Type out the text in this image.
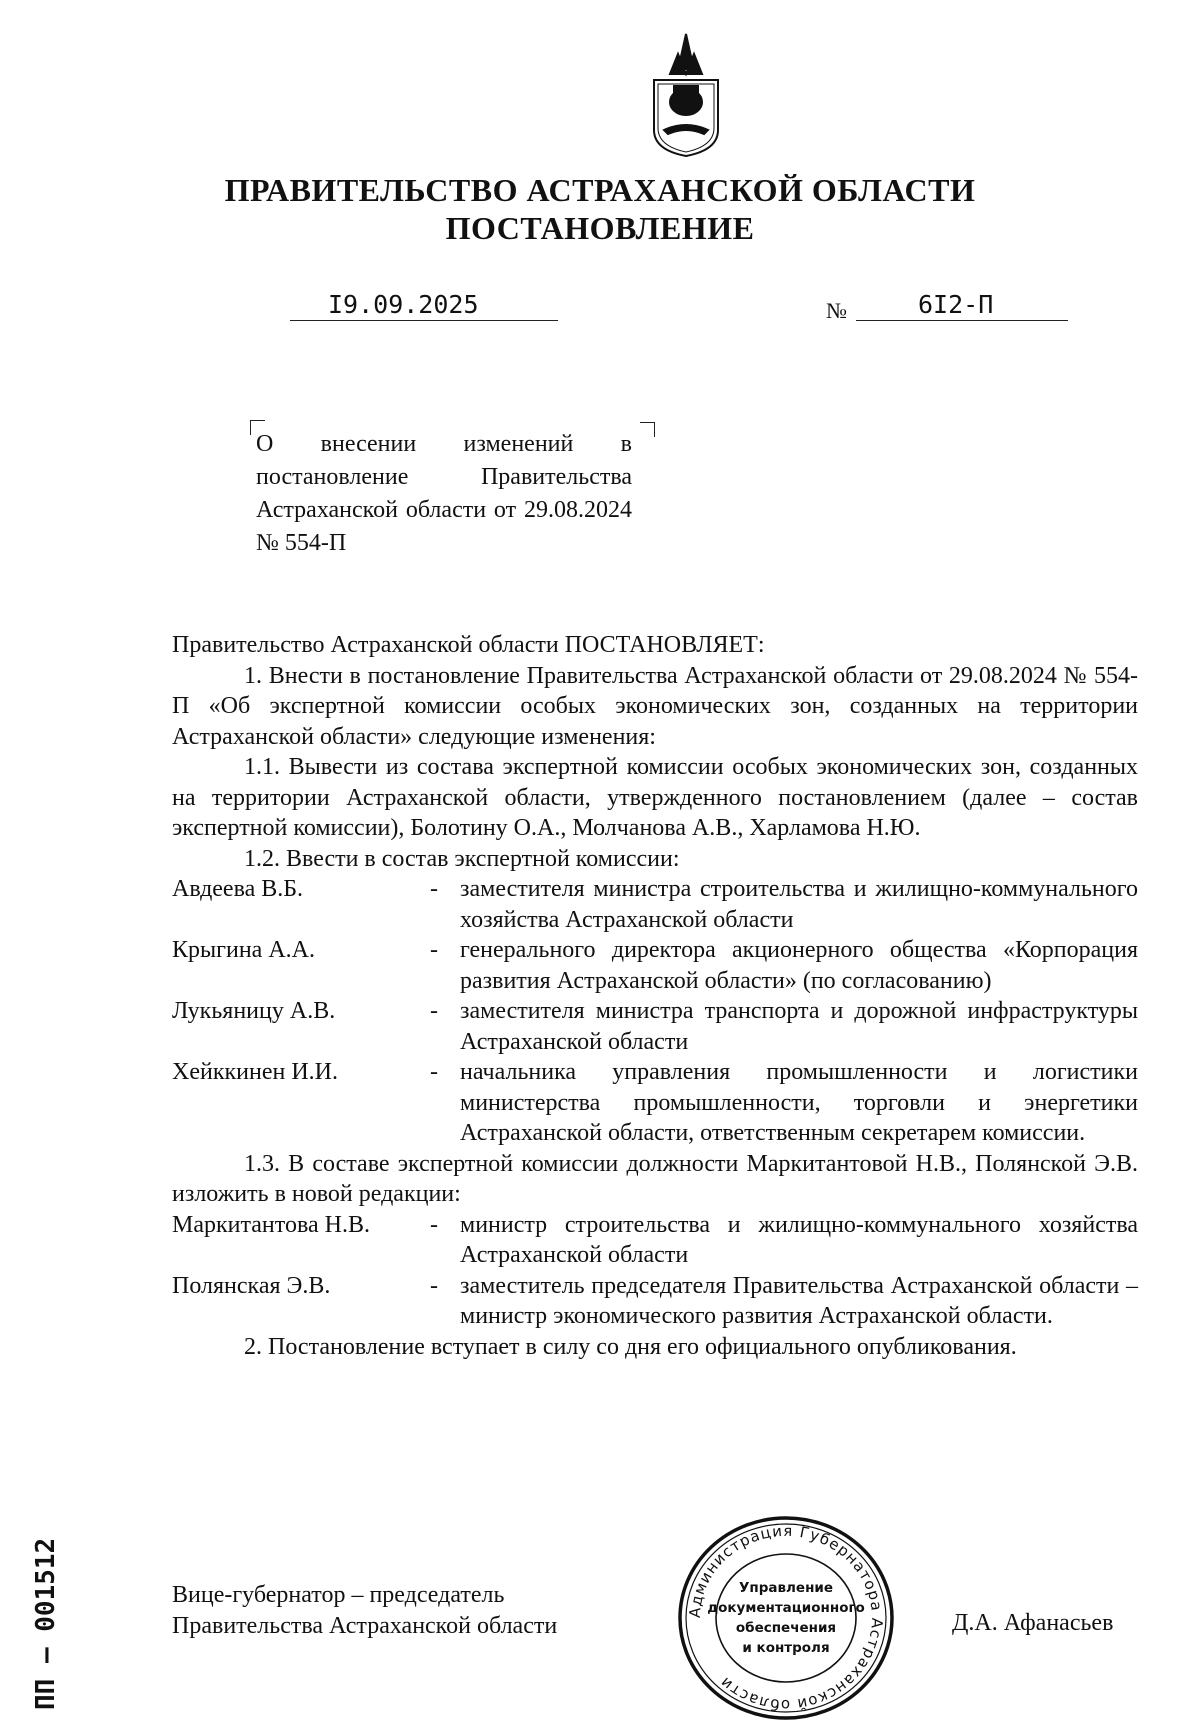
ПРАВИТЕЛЬСТВО АСТРАХАНСКОЙ ОБЛАСТИ
ПОСТАНОВЛЕНИЕ
I9.09.2025	№	6I2-П
О внесении изменений в постановление Правительства Астраханской области от 29.08.2024 № 554-П

Правительство Астраханской области ПОСТАНОВЛЯЕТ:

1. Внести в постановление Правительства Астраханской области от 29.08.2024 № 554-П «Об экспертной комиссии особых экономических зон, созданных на территории Астраханской области» следующие изменения:

1.1. Вывести из состава экспертной комиссии особых экономических зон, созданных на территории Астраханской области, утвержденного постановлением (далее – состав экспертной комиссии), Болотину О.А., Молчанова А.В., Харламова Н.Ю.

1.2. Ввести в состав экспертной комиссии:

Авдеева В.Б.	- заместителя министра строительства и жилищно-коммунального хозяйства Астраханской области
Крыгина А.А.	- генерального директора акционерного общества «Корпорация развития Астраханской области» (по согласованию)
Лукьяницу А.В.	- заместителя министра транспорта и дорожной инфраструктуры Астраханской области
Хейккинен И.И.	- начальника управления промышленности и логистики министерства промышленности, торговли и энергетики Астраханской области, ответственным секретарем комиссии.

1.3. В составе экспертной комиссии должности Маркитантовой Н.В., Полянской Э.В. изложить в новой редакции:

Маркитантова Н.В.	- министр строительства и жилищно-коммунального хозяйства Астраханской области
Полянская Э.В.	- заместитель председателя Правительства Астраханской области – министр экономического развития Астраханской области.

2. Постановление вступает в силу со дня его официального опубликования.

Вице-губернатор – председатель
Правительства Астраханской области	Д.А. Афанасьев
Администрация Губернатора Астраханской области
Управление
документационного
обеспечения
и контроля
ПП – 001512
